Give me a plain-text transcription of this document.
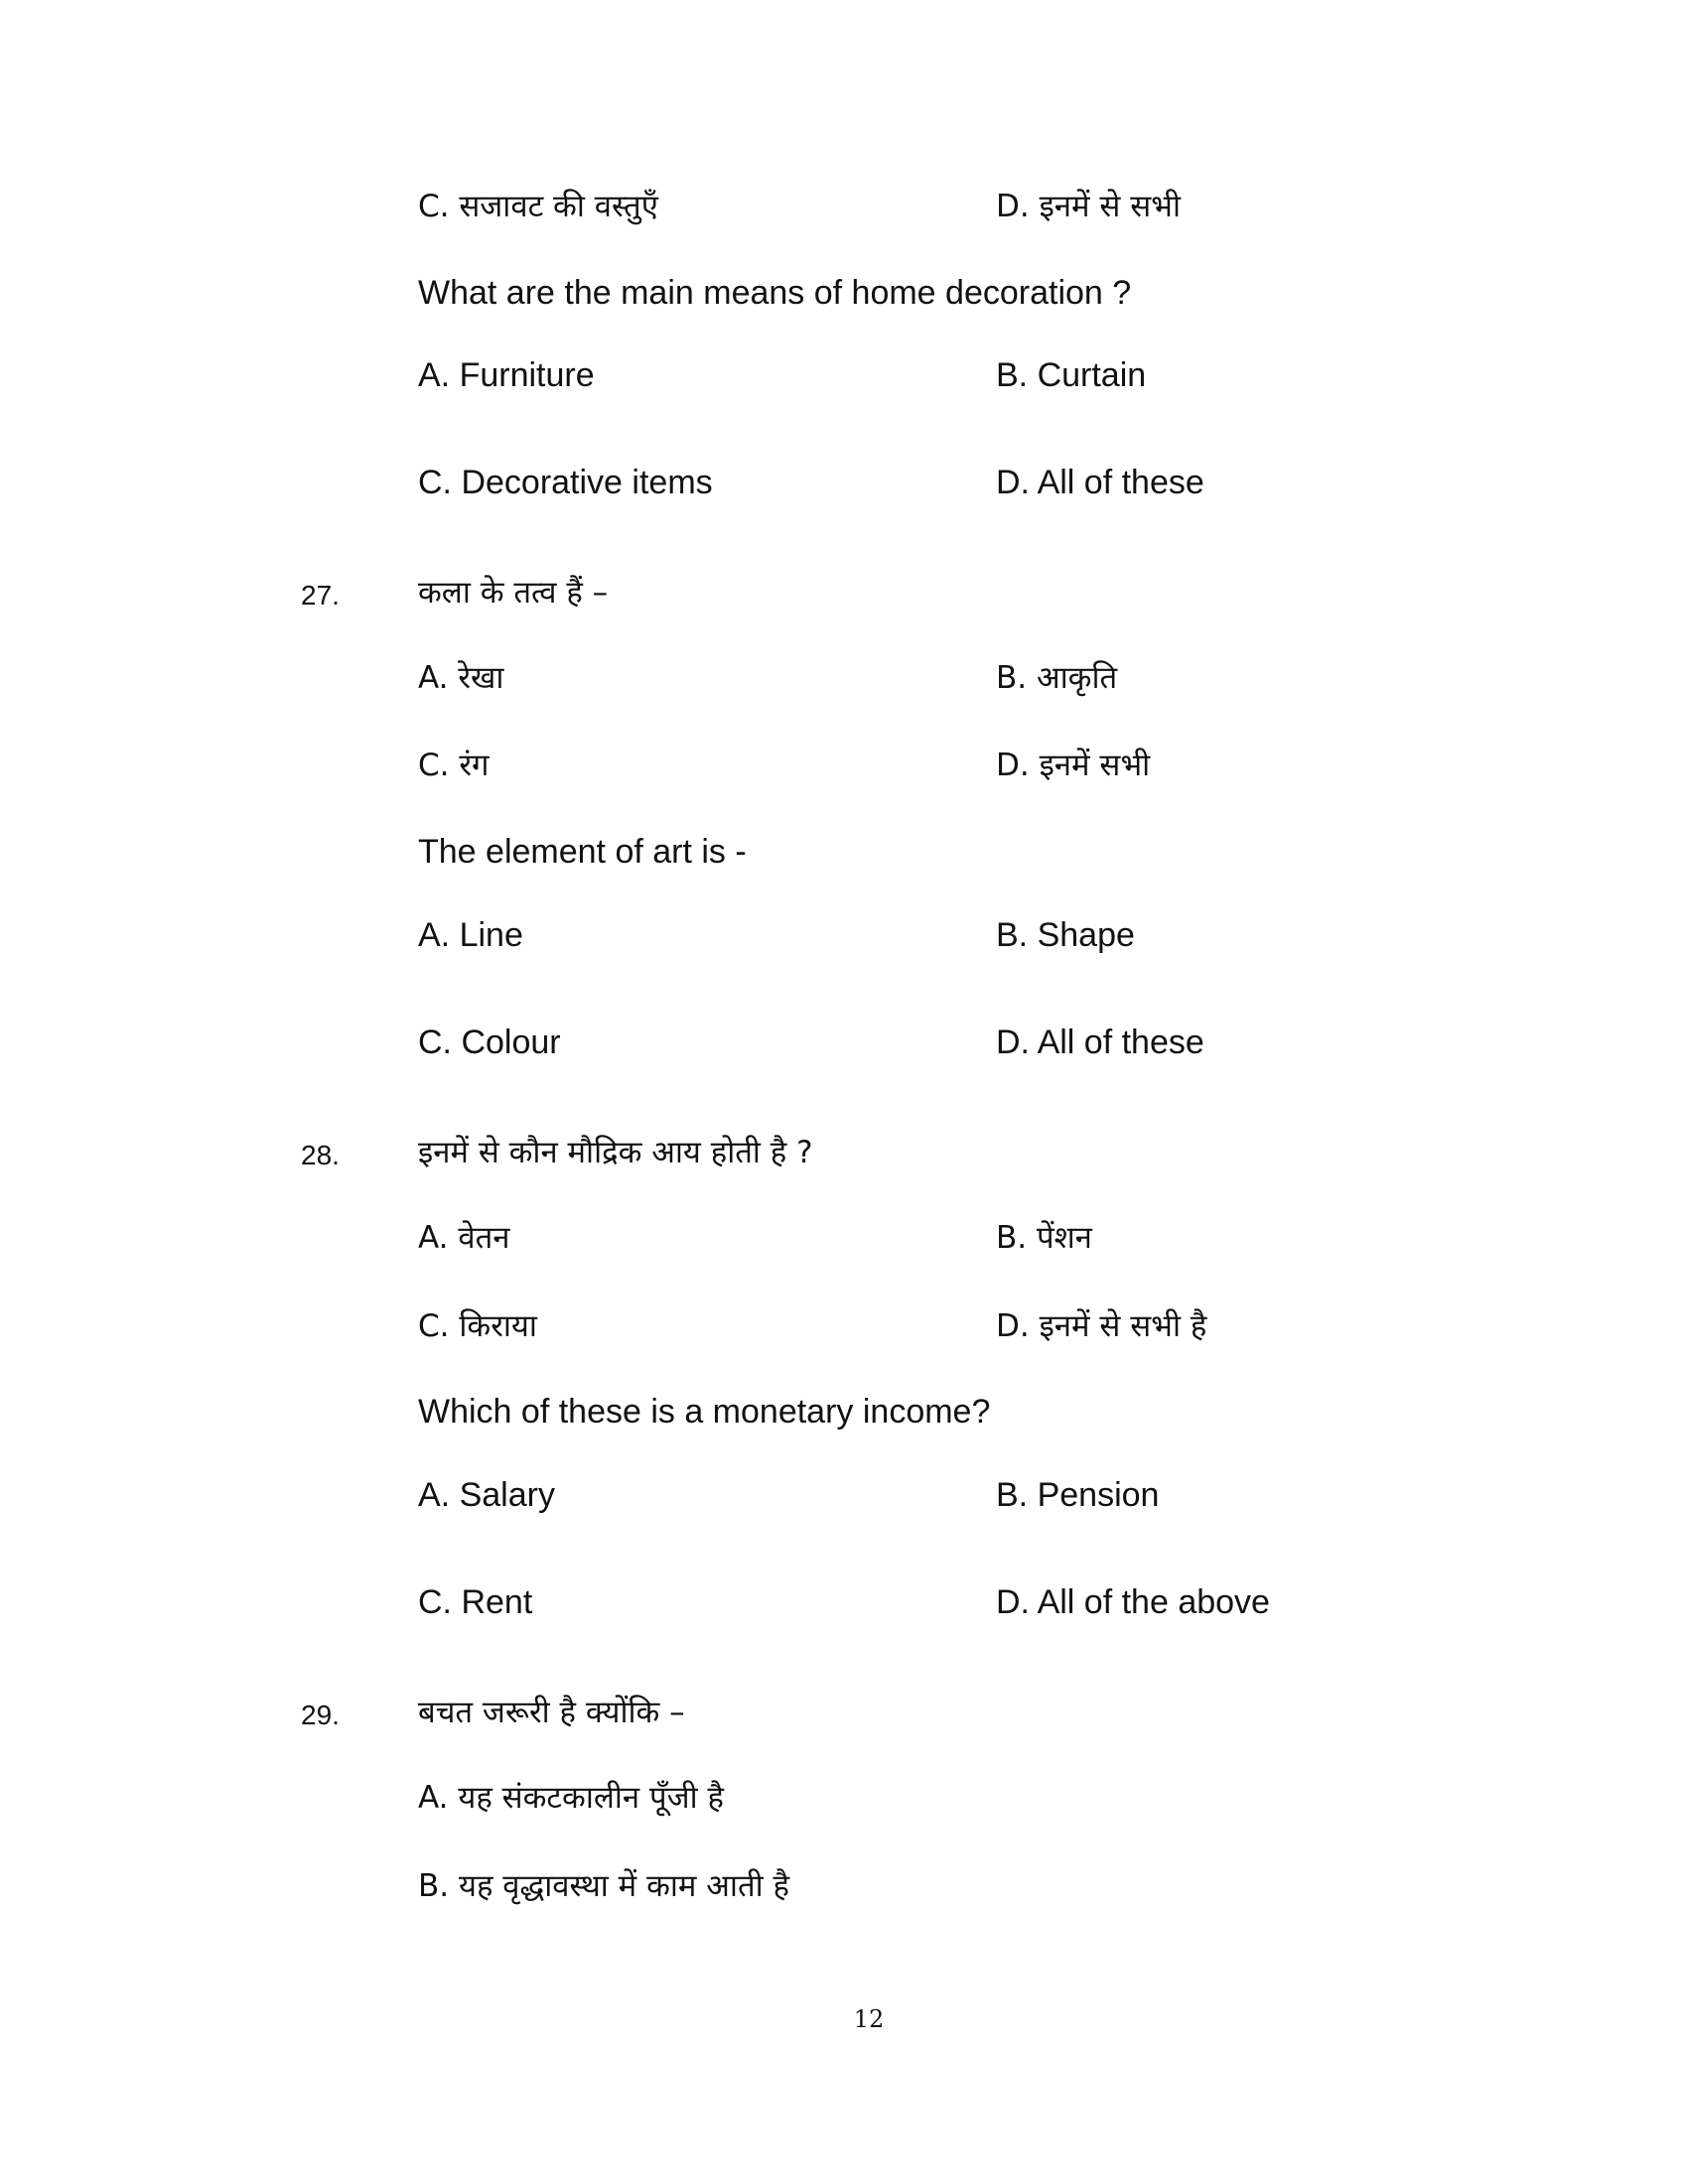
C. सजावट की वस्तुएँ	D. इनमें से सभी
What are the main means of home decoration ?
A. Furniture	B. Curtain
C. Decorative items	D. All of these
27.	कला के तत्व हैं –
A. रेखा	B. आकृति
C. रंग	D. इनमें सभी
The element of art is -
A. Line	B. Shape
C. Colour	D. All of these
28.	इनमें से कौन मौद्रिक आय होती है ?
A. वेतन	B. पेंशन
C. किराया	D. इनमें से सभी है
Which of these is a monetary income?
A. Salary	B. Pension
C. Rent	D. All of the above
29.	बचत जरूरी है क्योंकि –
A. यह संकटकालीन पूँजी है
B. यह वृद्धावस्था में काम आती है
12
